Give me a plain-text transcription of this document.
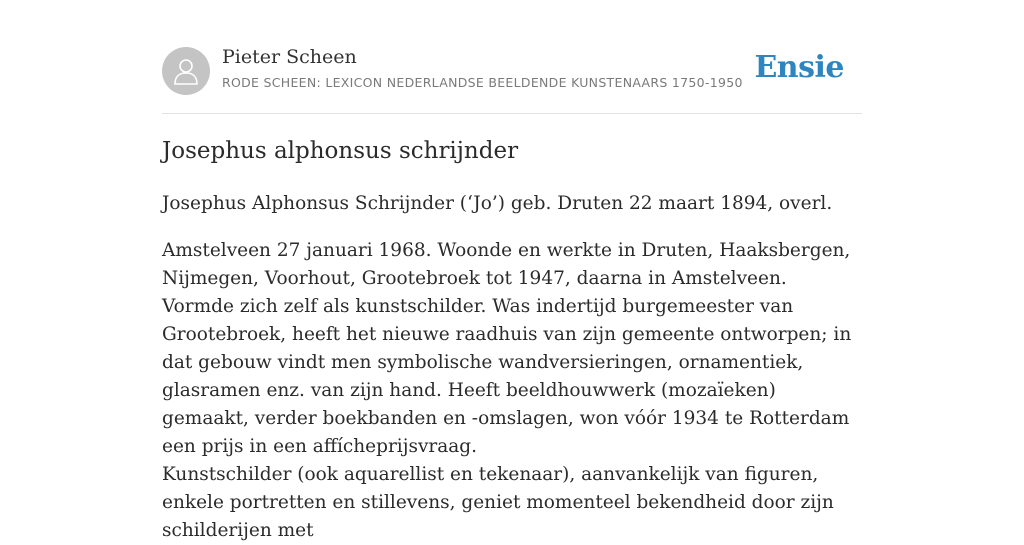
Pieter Scheen
RODE SCHEEN: LEXICON NEDERLANDSE BEELDENDE KUNSTENAARS 1750-1950 Ensie
Josephus alphonsus schrijnder

Josephus Alphonsus Schrijnder (‘Jo’) geb. Druten 22 maart 1894, overl.

Amstelveen 27 januari 1968. Woonde en werkte in Druten, Haaksbergen, Nijmegen, Voorhout, Grootebroek tot 1947, daarna in Amstelveen. Vormde zich zelf als kunstschilder. Was indertijd burgemeester van Grootebroek, heeft het nieuwe raadhuis van zijn gemeente ontworpen; in dat gebouw vindt men symbolische wandversieringen, ornamentiek, glasramen enz. van zijn hand. Heeft beeldhouwwerk (mozaïeken) gemaakt, verder boekbanden en -omslagen, won vóór 1934 te Rotterdam een prijs in een affícheprijsvraag.

Kunstschilder (ook aquarellist en tekenaar), aanvankelijk van figuren, enkele portretten en stillevens, geniet momenteel bekendheid door zijn schilderijen met
